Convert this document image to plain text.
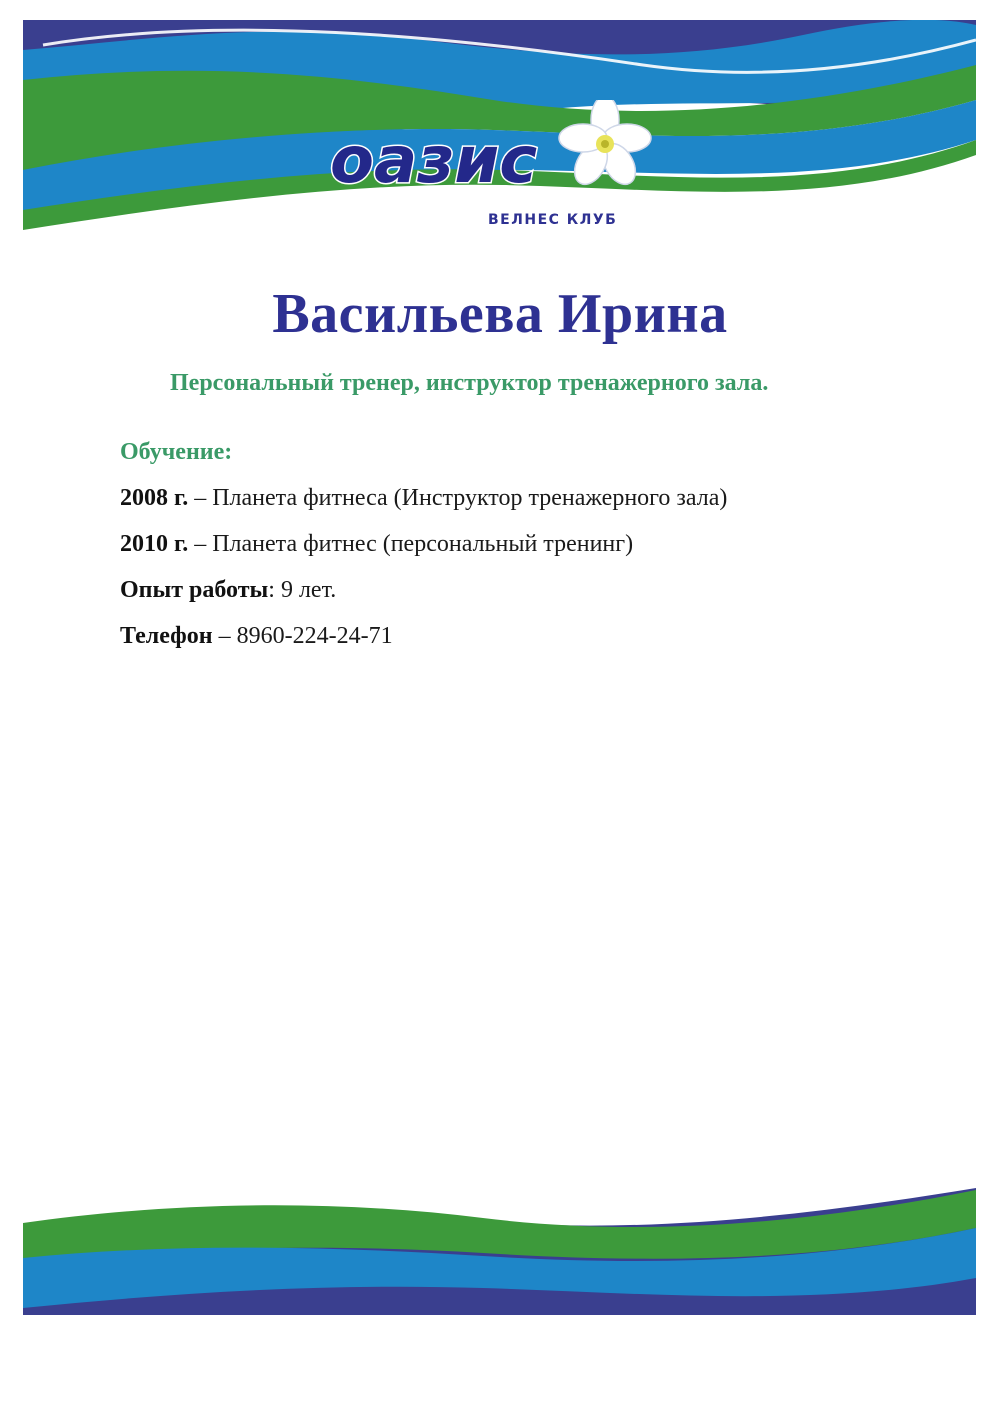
оазис
ВЕЛНЕС КЛУБ
Васильева Ирина
Персональный тренер, инструктор тренажерного зала.
Обучение:
2008 г. – Планета фитнеса (Инструктор тренажерного зала)
2010 г. – Планета фитнес (персональный тренинг)
Опыт работы: 9 лет.
Телефон – 8960-224-24-71
